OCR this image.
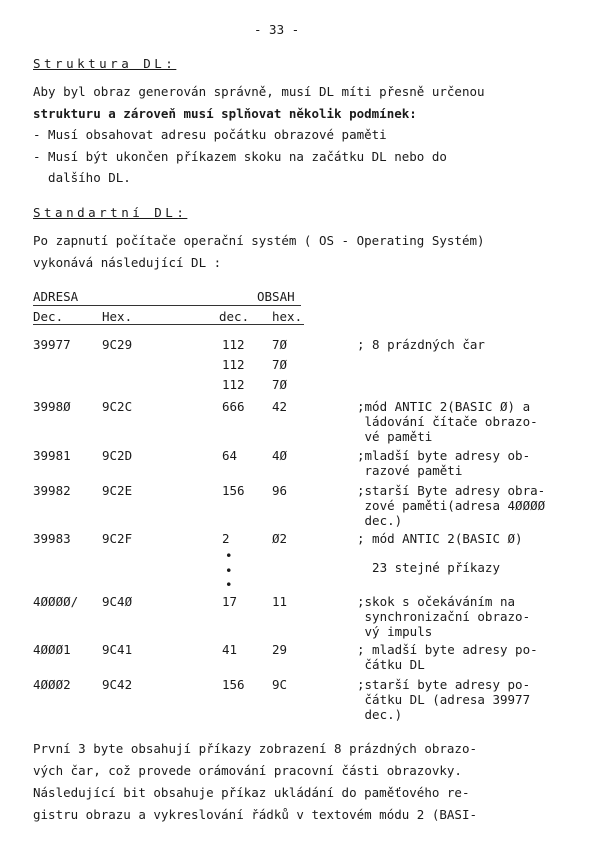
- 33 -
Struktura DL:
Aby byl obraz generován správně, musí DL míti přesně určenou
strukturu a zároveň musí splňovat několik podmínek:
- Musí obsahovat adresu počátku obrazové paměti
- Musí být ukončen příkazem skoku na začátku DL nebo do
dalšího DL.
Standartní DL:
Po zapnutí počítače operační systém ( OS - Operating Systém)
vykonává následující DL :
ADRESA	OBSAH
Dec.	Hex.	dec. hex.
39977	9C29	112 7Ø	; 8 prázdných čar
112 7Ø
112 7Ø
3998Ø	9C2C	666 42	;mód ANTIC 2(BASIC Ø) a
ládování čítače obrazo-
vé paměti
39981	9C2D	64	4Ø	;mladší byte adresy ob-
razové paměti
39982	9C2E	156 96	;starší Byte adresy obra-
zové paměti(adresa 4ØØØØ
dec.)
39983	9C2F	2	Ø2	; mód ANTIC 2(BASIC Ø)
•
•
•
23 stejné příkazy
4ØØØØ/ 9C4Ø	17	11	;skok s očekáváním na
synchronizační obrazo-
vý impuls
4ØØØ1	9C41	41	29	; mladší byte adresy po-
čátku DL
4ØØØ2	9C42	156 9C	;starší byte adresy po-
čátku DL (adresa 39977
dec.)
První 3 byte obsahují příkazy zobrazení 8 prázdných obrazo-
vých čar, což provede orámování pracovní části obrazovky.
Následující bit obsahuje příkaz ukládání do paměťového re-
gistru obrazu a vykreslování řádků v textovém módu 2 (BASI-
